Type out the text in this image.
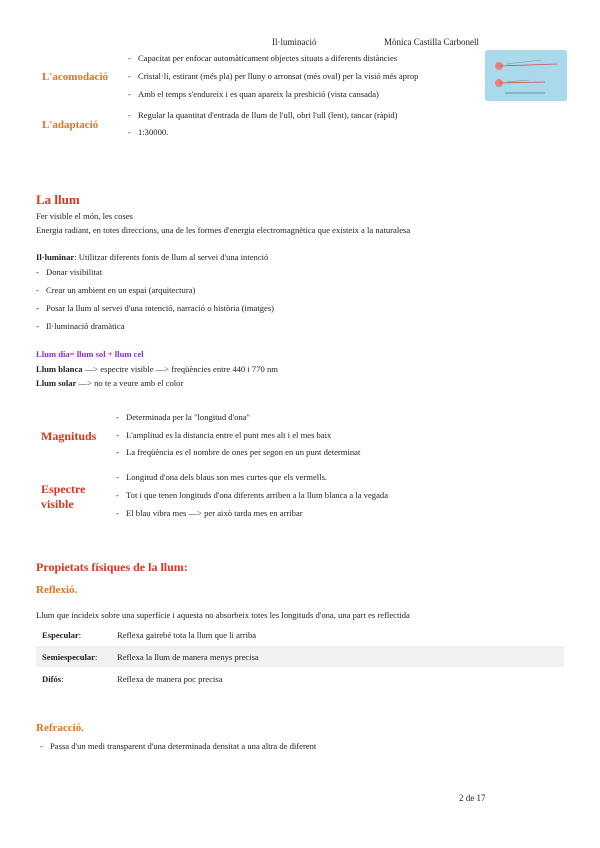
Il·luminació	Mònica Castilla Carbonell
L'acomodació
- Capacitat per enfocar automàticament objectes situats a diferents distàncies
- Cristal·lí, estirant (més pla) per lluny o arronsat (més oval) per la visió més aprop
- Amb el temps s'endureix i es quan apareix la presbició (vista cansada)
L'adaptació
- Regular la quantitat d'entrada de llum de l'ull, obri l'ull (lent), tancar (ràpid)
- 1:30000.
La llum
Fer visible el món, les coses
Energia radiant, en totes direccions, una de les formes d'energia electromagnètica que existeix a la naturalesa
Il·luminar: Utilitzar diferents fonts de llum al servei d'una intenció
- Donar visibilitat
- Crear un ambient en un espai (arquitectura)
- Posar la llum al servei d'una intenció, narració o història (imatges)
- Il·luminació dramàtica
Llum dia= llum sol + llum cel
Llum blanca —> espectre visible —> freqüències entre 440 i 770 nm
Llum solar —> no te a veure amb el color
Magnituds
- Determinada per la "longitud d'ona"
- L'amplitud es la distancia entre el punt mes alt i el mes baix
- La freqüència es el nombre de ones per segon en un punt determinat
Espectre
visible
- Longitud d'ona dels blaus son mes curtes que els vermells.
- Tot i que tenen longituds d'ona diferents arriben a la llum blanca a la vegada
- El blau vibra mes —> per això tarda mes en arribar
Propietats físiques de la llum:
Reflexió.
Llum que incideix sobre una superfície i aquesta no absorbeix totes les longituds d'ona, una part es reflectida
Especular:	Reflexa gairebé tota la llum que li arriba
Semiespecular: Reflexa la llum de manera menys precisa
Difós:	Reflexa de manera poc precisa
Refracció.
- Passa d'un medi transparent d'una determinada densitat a una altra de diferent
2 de 17
